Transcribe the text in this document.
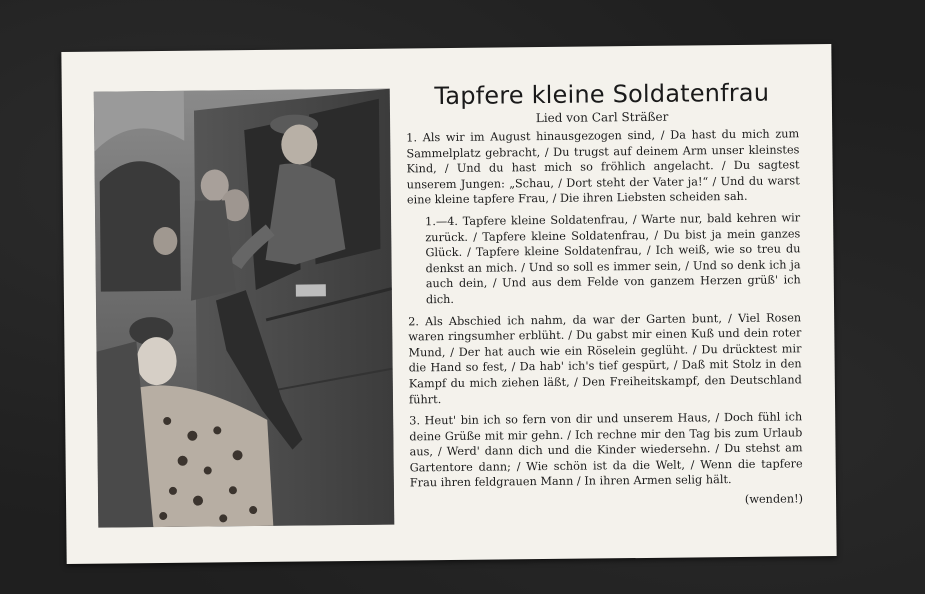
Tapfere kleine Soldatenfrau
Lied von Carl Sträßer

1. Als wir im August hinausgezogen sind, / Da hast du mich zum Sammelplatz gebracht, / Du trugst auf deinem Arm unser kleinstes Kind, / Und du hast mich so fröhlich angelacht. / Du sagtest unserem Jungen: „Schau, / Dort steht der Vater ja!“ / Und du warst eine kleine tapfere Frau, / Die ihren Liebsten scheiden sah.

1.—4. Tapfere kleine Soldatenfrau, / Warte nur, bald kehren wir zurück. / Tapfere kleine Soldatenfrau, / Du bist ja mein ganzes Glück. / Tapfere kleine Soldatenfrau, / Ich weiß, wie so treu du denkst an mich. / Und so soll es immer sein, / Und so denk ich ja auch dein, / Und aus dem Felde von ganzem Herzen grüß' ich dich.

2. Als Abschied ich nahm, da war der Garten bunt, / Viel Rosen waren ringsumher erblüht. / Du gabst mir einen Kuß und dein roter Mund, / Der hat auch wie ein Röselein geglüht. / Du drücktest mir die Hand so fest, / Da hab' ich's tief gespürt, / Daß mit Stolz in den Kampf du mich ziehen läßt, / Den Freiheitskampf, den Deutschland führt.

3. Heut' bin ich so fern von dir und unserem Haus, / Doch fühl ich deine Grüße mit mir gehn. / Ich rechne mir den Tag bis zum Urlaub aus, / Werd' dann dich und die Kinder wiedersehn. / Du stehst am Gartentore dann; / Wie schön ist da die Welt, / Wenn die tapfere Frau ihren feldgrauen Mann / In ihren Armen selig hält.

(wenden!)
